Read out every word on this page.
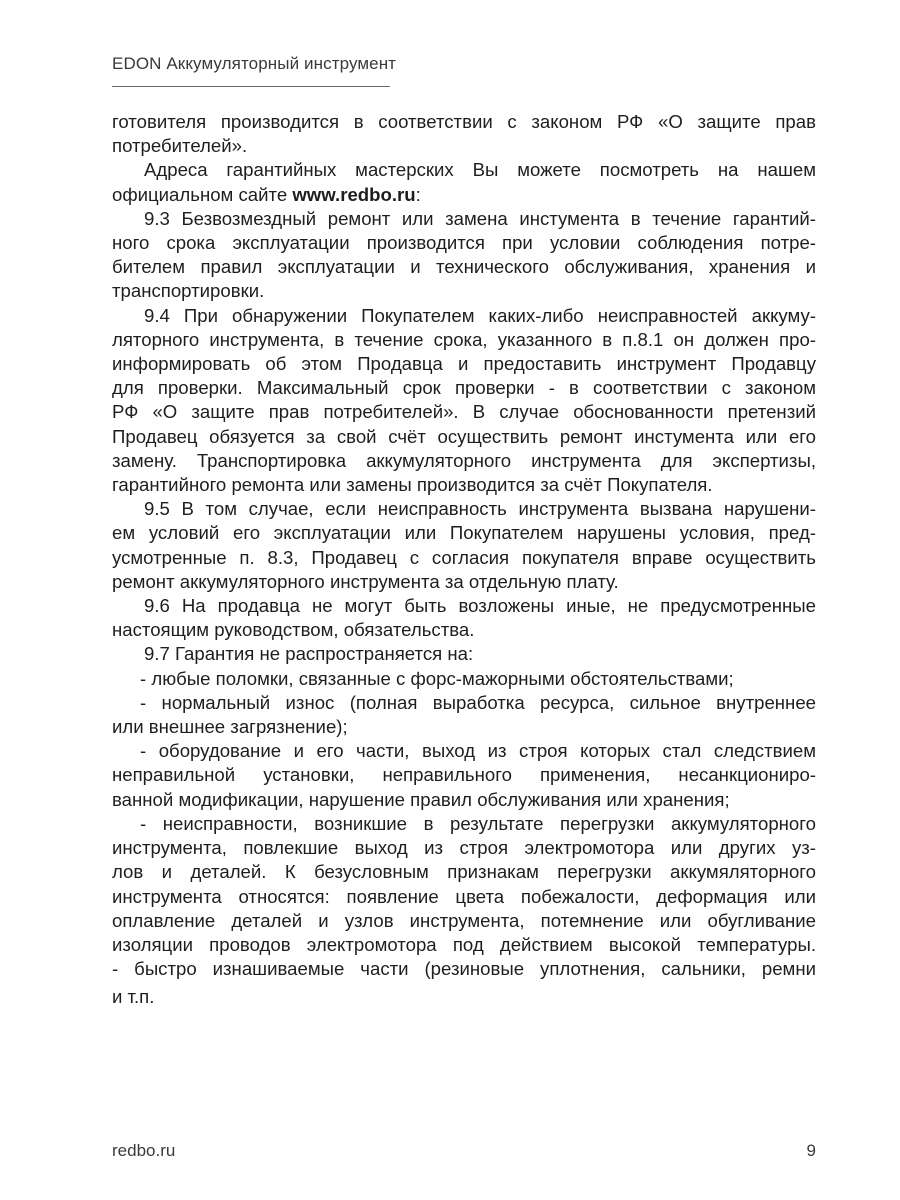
EDON Аккумуляторный инструмент
готовителя производится в соответствии с законом РФ «О защите прав
потребителей».
Адреса гарантийных мастерских Вы можете посмотреть на нашем
официальном сайте www.redbo.ru:
9.3 Безвозмездный ремонт или замена инстумента в течение гарантий-
ного срока эксплуатации производится при условии соблюдения потре-
бителем правил эксплуатации и технического обслуживания, хранения и
транспортировки.
9.4 При обнаружении Покупателем каких-либо неисправностей аккуму-
ляторного инструмента, в течение срока, указанного в п.8.1 он должен про-
информировать об этом Продавца и предоставить инструмент Продавцу
для проверки. Максимальный срок проверки - в соответствии с законом
РФ «О защите прав потребителей». В случае обоснованности претензий
Продавец обязуется за свой счёт осуществить ремонт инстумента или его
замену. Транспортировка аккумуляторного инструмента для экспертизы,
гарантийного ремонта или замены производится за счёт Покупателя.
9.5 В том случае, если неисправность инструмента вызвана нарушени-
ем условий его эксплуатации или Покупателем нарушены условия, пред-
усмотренные п. 8.3, Продавец с согласия покупателя вправе осуществить
ремонт аккумуляторного инструмента за отдельную плату.
9.6 На продавца не могут быть возложены иные, не предусмотренные
настоящим руководством, обязательства.
9.7 Гарантия не распространяется на:
- любые поломки, связанные с форс-мажорными обстоятельствами;
- нормальный износ (полная выработка ресурса, сильное внутреннее
или внешнее загрязнение);
- оборудование и его части, выход из строя которых стал следствием
неправильной установки, неправильного применения, несанкциониро-
ванной модификации, нарушение правил обслуживания или хранения;
- неисправности, возникшие в результате перегрузки аккумуляторного
инструмента, повлекшие выход из строя электромотора или других уз-
лов и деталей. К безусловным признакам перегрузки аккумяляторного
инструмента относятся: появление цвета побежалости, деформация или
оплавление деталей и узлов инструмента, потемнение или обугливание
изоляции проводов электромотора под действием высокой температуры.
- быстро изнашиваемые части (резиновые уплотнения, сальники, ремни
и т.п.
redbo.ru	9
